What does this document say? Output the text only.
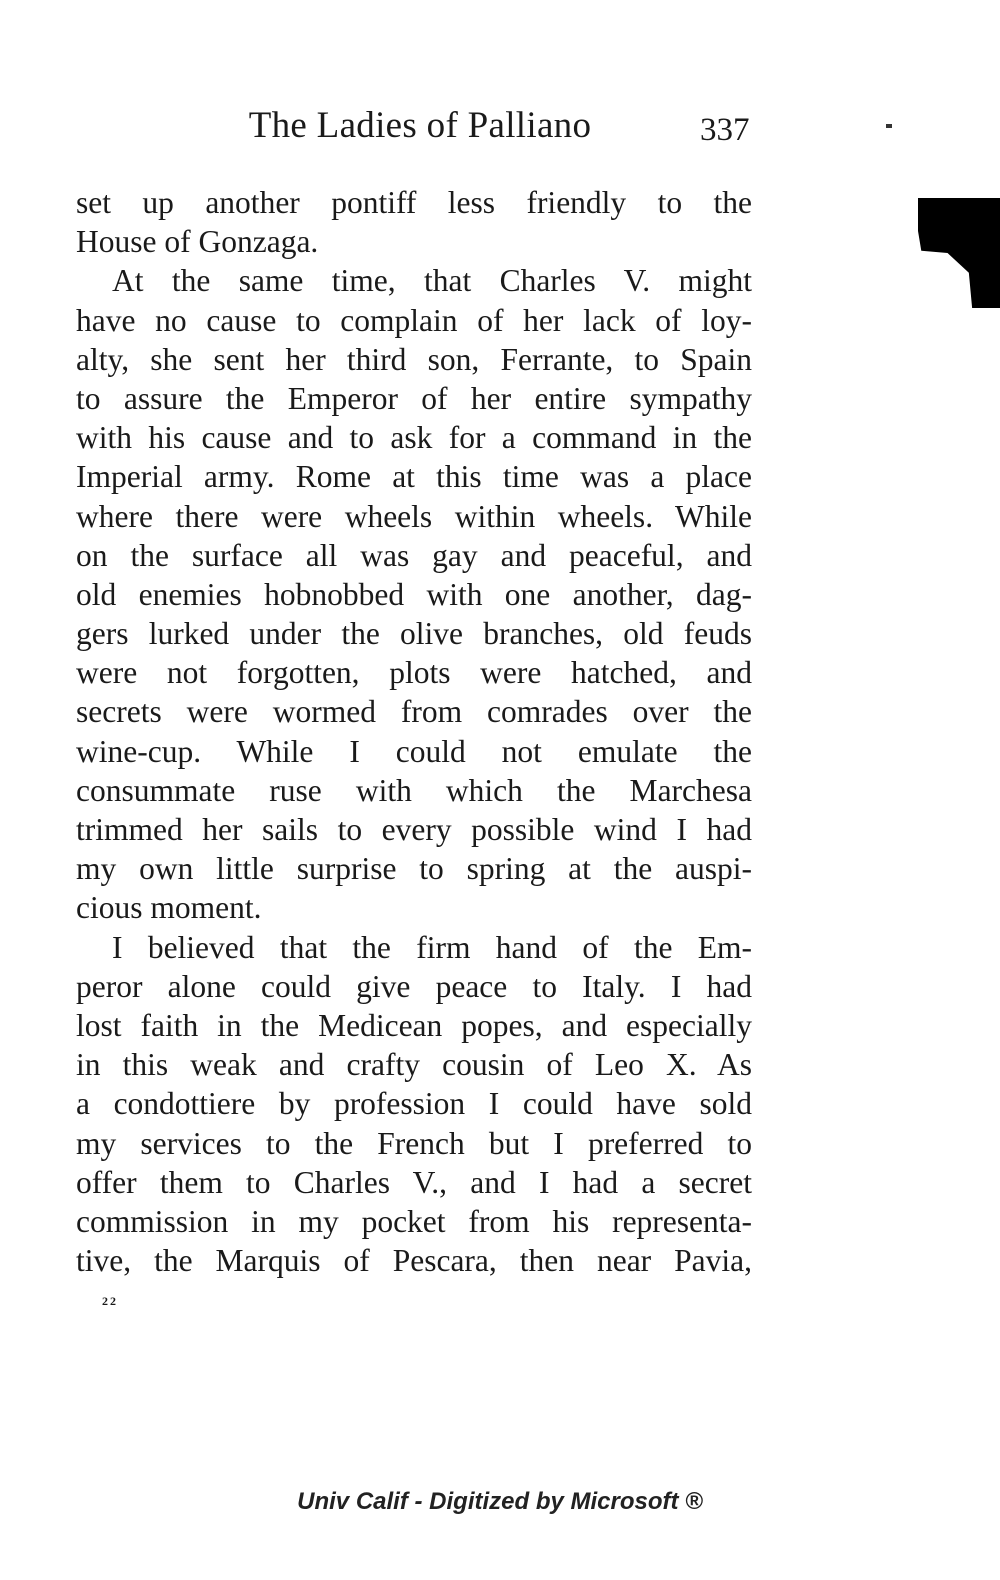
The Ladies of Palliano	337
set up another pontiff less friendly to the
House of Gonzaga.
At the same time, that Charles V. might
have no cause to complain of her lack of loy-
alty, she sent her third son, Ferrante, to Spain
to assure the Emperor of her entire sympathy
with his cause and to ask for a command in the
Imperial army. Rome at this time was a place
where there were wheels within wheels. While
on the surface all was gay and peaceful, and
old enemies hobnobbed with one another, dag-
gers lurked under the olive branches, old feuds
were not forgotten, plots were hatched, and
secrets were wormed from comrades over the
wine-cup. While I could not emulate the
consummate ruse with which the Marchesa
trimmed her sails to every possible wind I had
my own little surprise to spring at the auspi-
cious moment.
I believed that the firm hand of the Em-
peror alone could give peace to Italy. I had
lost faith in the Medicean popes, and especially
in this weak and crafty cousin of Leo X. As
a condottiere by profession I could have sold
my services to the French but I preferred to
offer them to Charles V., and I had a secret
commission in my pocket from his representa-
tive, the Marquis of Pescara, then near Pavia,
22
Univ Calif - Digitized by Microsoft ®
